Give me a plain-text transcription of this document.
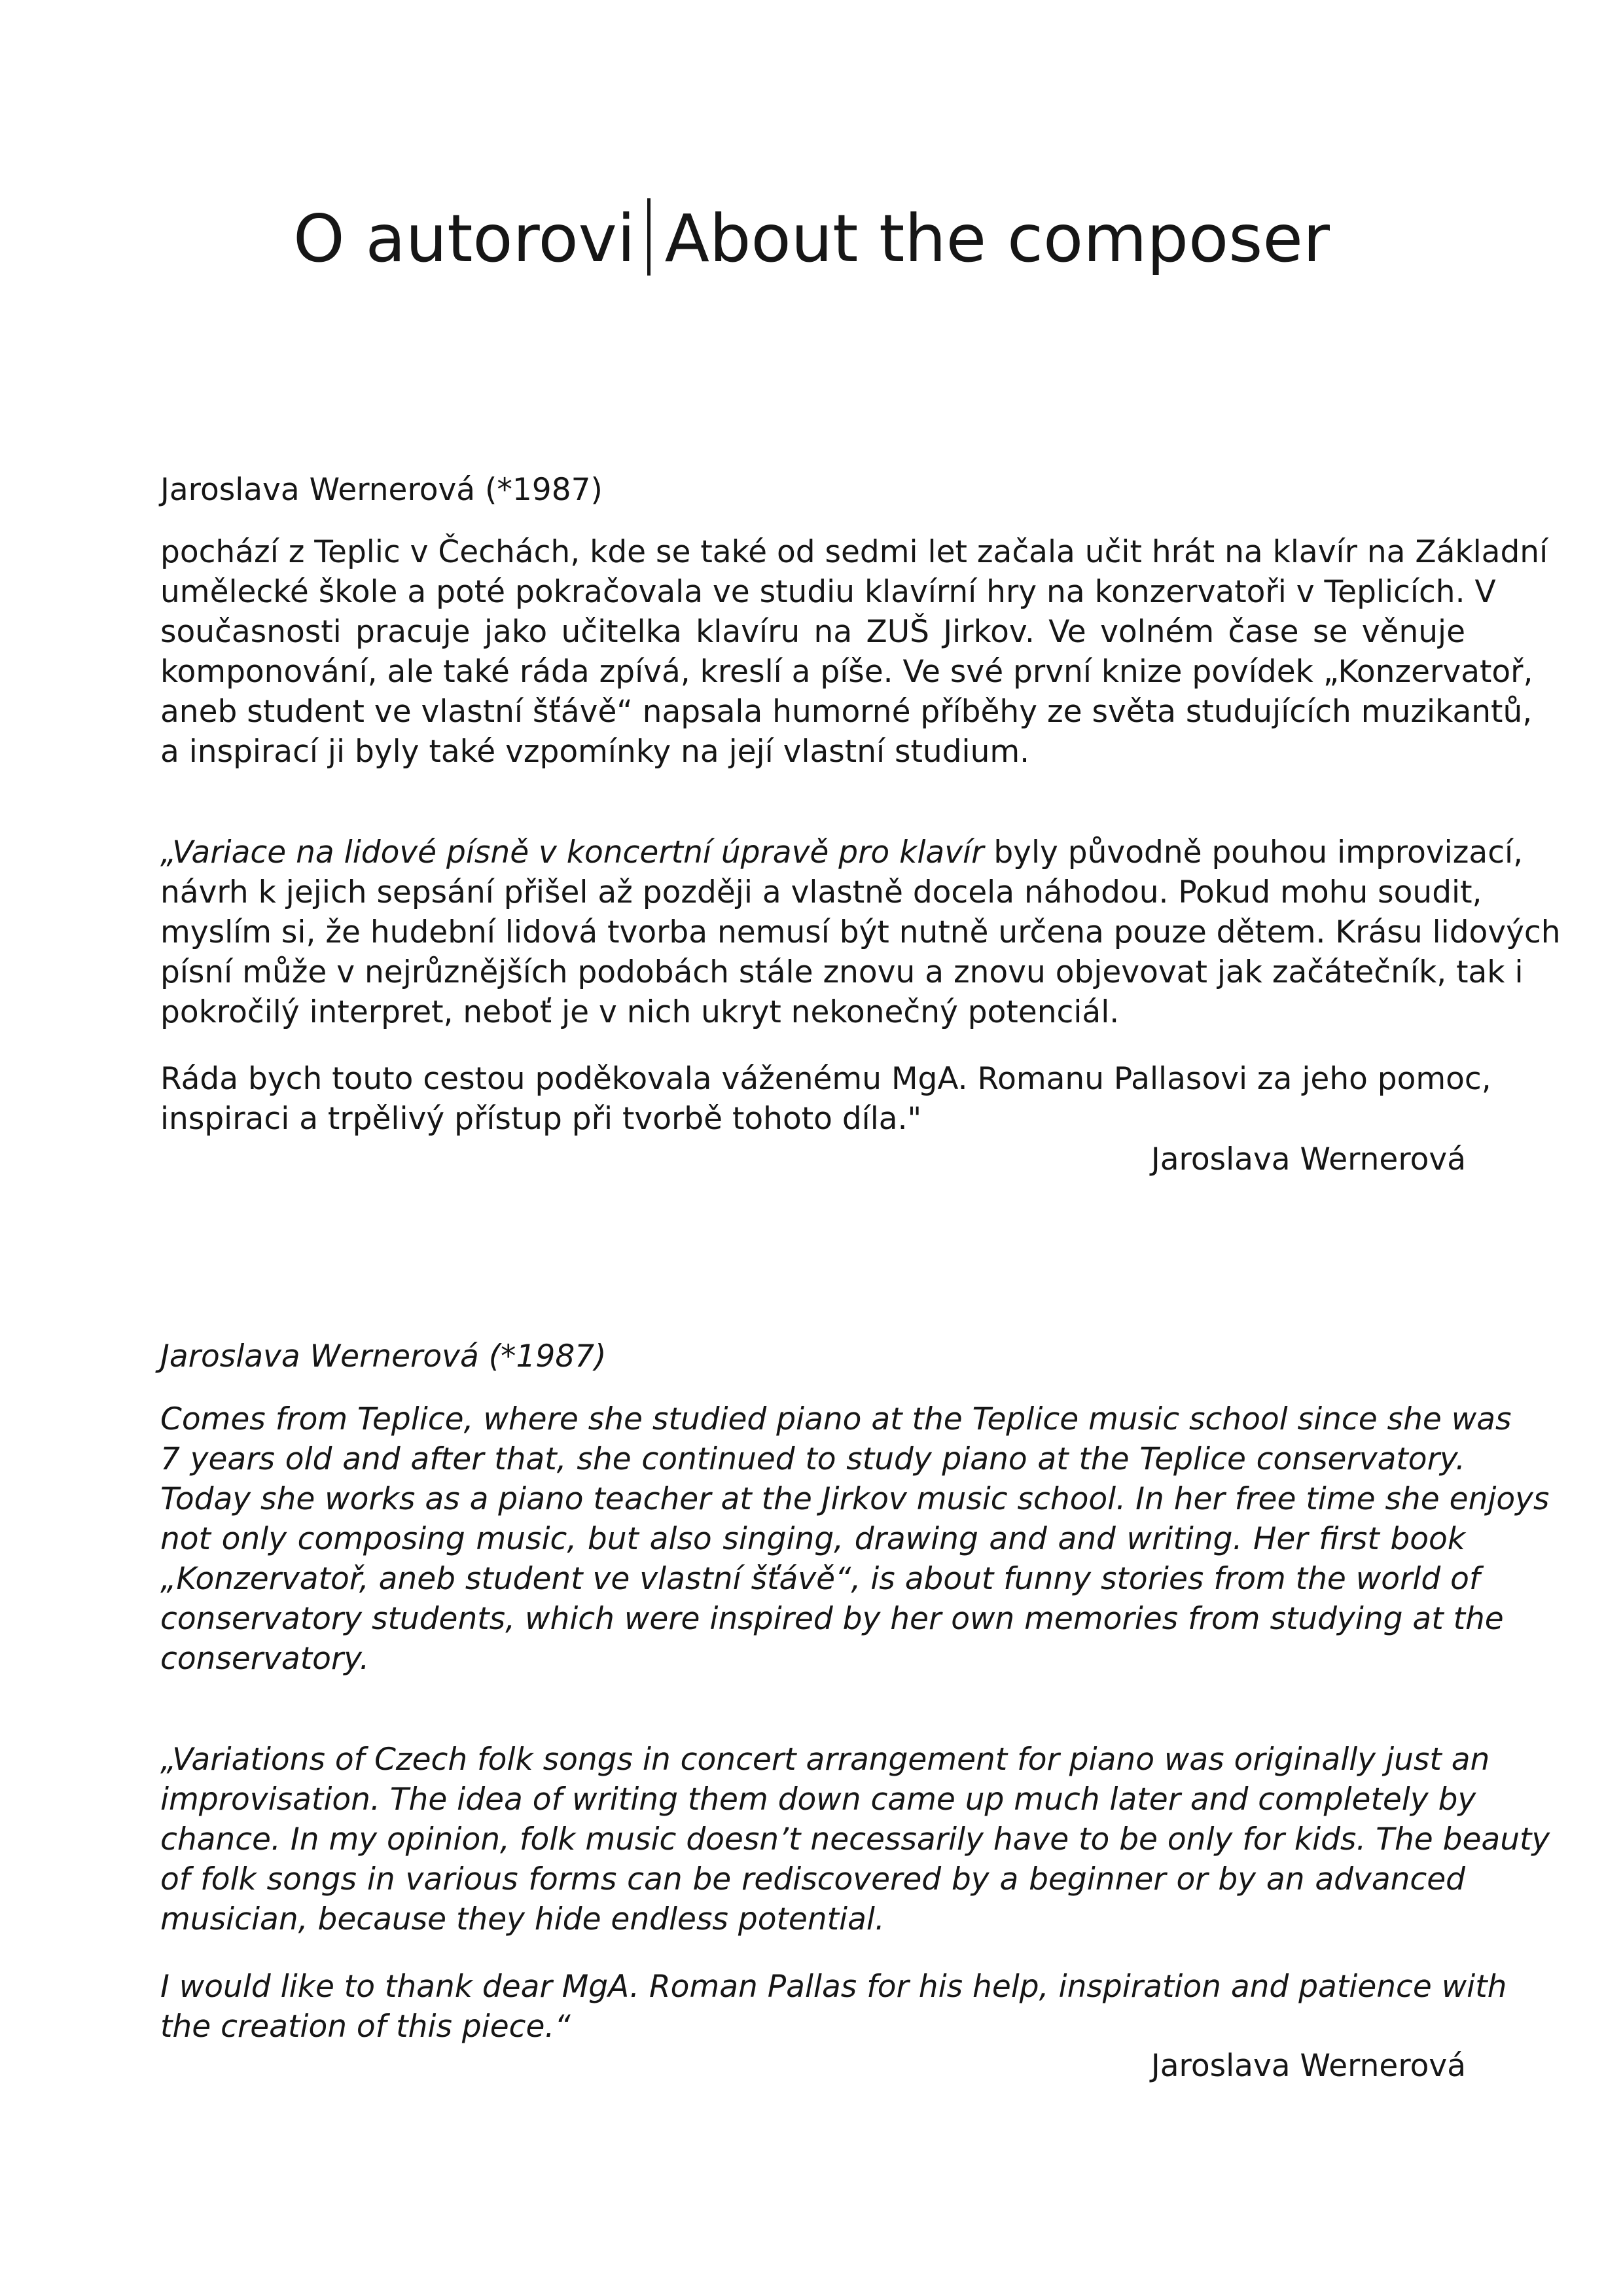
O autorovi About the composer

Jaroslava Wernerová (*1987)

pochází z Teplic v Čechách, kde se také od sedmi let začala učit hrát na klavír na Základní
umělecké škole a poté pokračovala ve studiu klavírní hry na konzervatoři v Teplicích. V
současnosti pracuje jako učitelka klavíru na ZUŠ Jirkov. Ve volném čase se věnuje
komponování, ale také ráda zpívá, kreslí a píše. Ve své první knize povídek „Konzervatoř,
aneb student ve vlastní šťávě“ napsala humorné příběhy ze světa studujících muzikantů,
a inspirací ji byly také vzpomínky na její vlastní studium.
„Variace na lidové písně v koncertní úpravě pro klavír byly původně pouhou improvizací,
návrh k jejich sepsání přišel až později a vlastně docela náhodou. Pokud mohu soudit,
myslím si, že hudební lidová tvorba nemusí být nutně určena pouze dětem. Krásu lidových
písní může v nejrůznějších podobách stále znovu a znovu objevovat jak začátečník, tak i
pokročilý interpret, neboť je v nich ukryt nekonečný potenciál.
Ráda bych touto cestou poděkovala váženému MgA. Romanu Pallasovi za jeho pomoc,
inspiraci a trpělivý přístup při tvorbě tohoto díla."

Jaroslava Wernerová

Jaroslava Wernerová (*1987)

Comes from Teplice, where she studied piano at the Teplice music school since she was
7 years old and after that, she continued to study piano at the Teplice conservatory.
Today she works as a piano teacher at the Jirkov music school. In her free time she enjoys
not only composing music, but also singing, drawing and and writing. Her first book
„Konzervatoř, aneb student ve vlastní šťávě“, is about funny stories from the world of
conservatory students, which were inspired by her own memories from studying at the
conservatory.
„Variations of Czech folk songs in concert arrangement for piano was originally just an
improvisation. The idea of writing them down came up much later and completely by
chance. In my opinion, folk music doesn’t necessarily have to be only for kids. The beauty
of folk songs in various forms can be rediscovered by a beginner or by an advanced
musician, because they hide endless potential.
I would like to thank dear MgA. Roman Pallas for his help, inspiration and patience with
the creation of this piece.“

Jaroslava Wernerová
